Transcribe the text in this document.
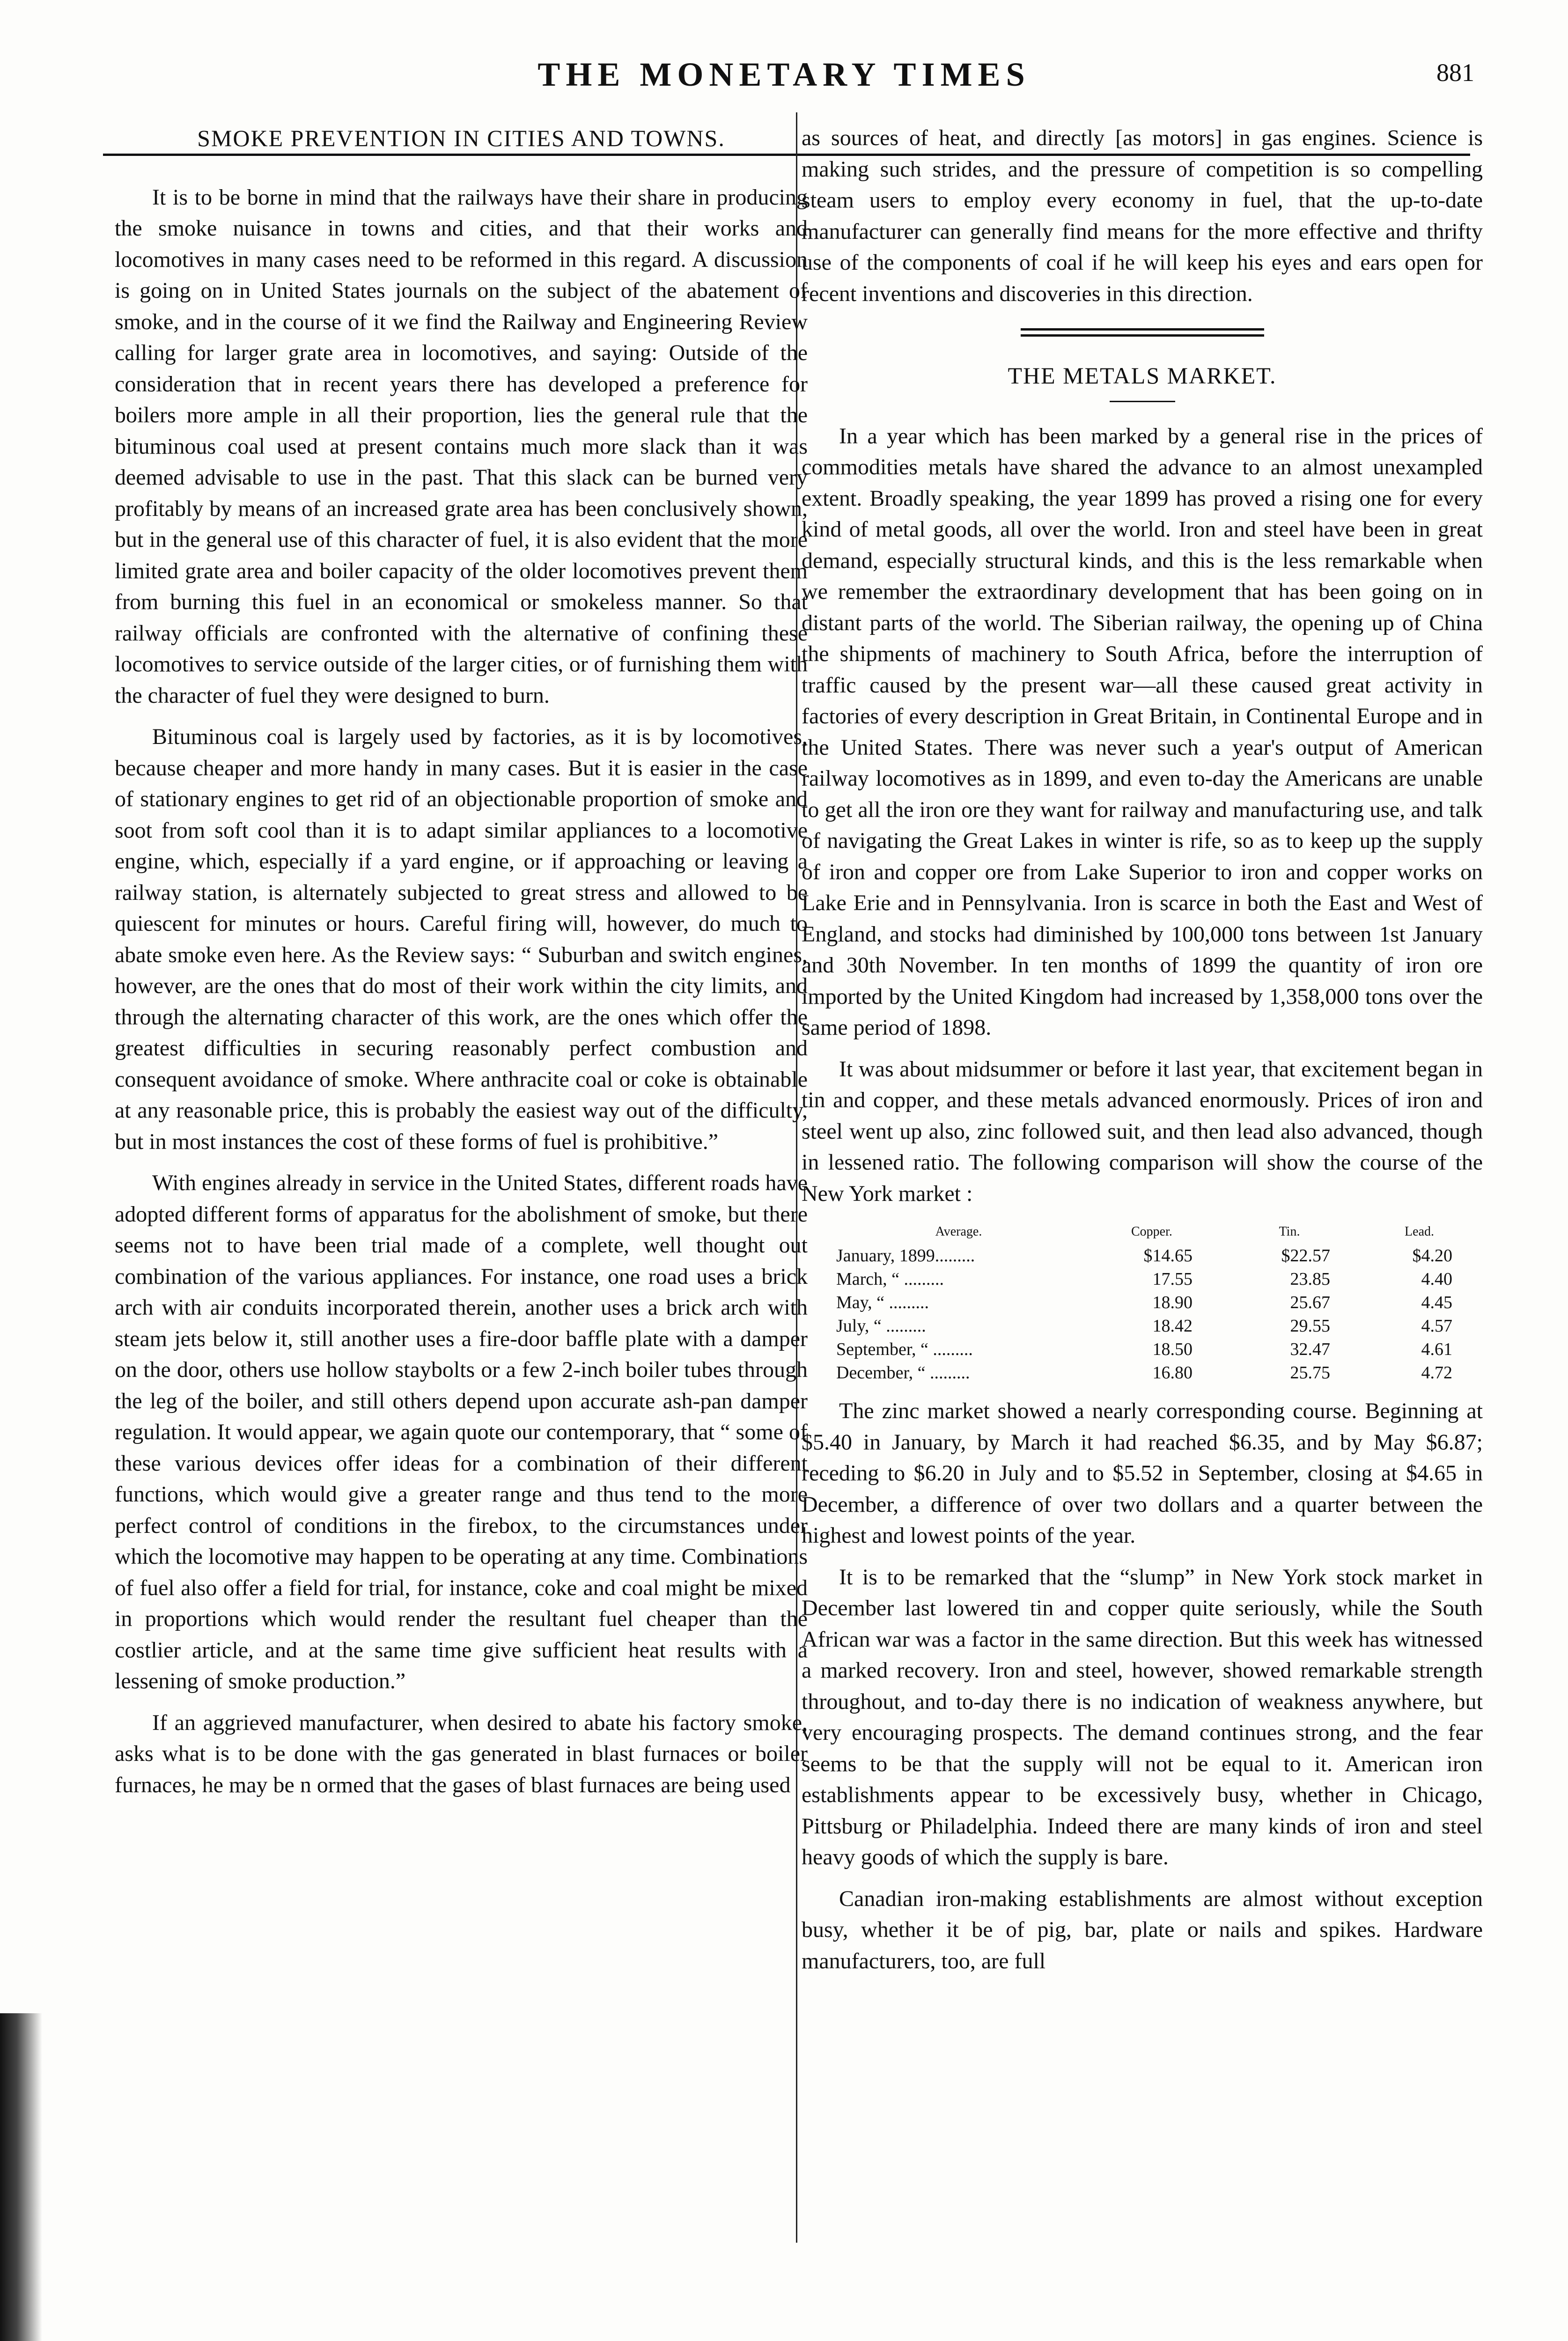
THE MONETARY TIMES	881
SMOKE PREVENTION IN CITIES AND TOWNS.

It is to be borne in mind that the railways have their share in producing the smoke nuisance in towns and cities, and that their works and locomotives in many cases need to be reformed in this regard. A discussion is going on in United States journals on the subject of the abatement of smoke, and in the course of it we find the Railway and Engineering Review calling for larger grate area in locomotives, and saying: Outside of the consideration that in recent years there has developed a preference for boilers more ample in all their proportion, lies the general rule that the bituminous coal used at present contains much more slack than it was deemed advisable to use in the past. That this slack can be burned very profitably by means of an increased grate area has been conclusively shown, but in the general use of this character of fuel, it is also evident that the more limited grate area and boiler capacity of the older locomotives prevent them from burning this fuel in an economical or smokeless manner. So that railway officials are confronted with the alternative of confining these locomotives to service outside of the larger cities, or of furnishing them with the character of fuel they were designed to burn.

Bituminous coal is largely used by factories, as it is by locomotives, because cheaper and more handy in many cases. But it is easier in the case of stationary engines to get rid of an objectionable proportion of smoke and soot from soft cool than it is to adapt similar appliances to a locomotive engine, which, especially if a yard engine, or if approaching or leaving a railway station, is alternately subjected to great stress and allowed to be quiescent for minutes or hours. Careful firing will, however, do much to abate smoke even here. As the Review says: “ Suburban and switch engines, however, are the ones that do most of their work within the city limits, and through the alternating character of this work, are the ones which offer the greatest difficulties in securing reasonably perfect combustion and consequent avoidance of smoke. Where anthracite coal or coke is obtainable at any reasonable price, this is probably the easiest way out of the difficulty, but in most instances the cost of these forms of fuel is prohibitive.”

With engines already in service in the United States, different roads have adopted different forms of apparatus for the abolishment of smoke, but there seems not to have been trial made of a complete, well thought out combination of the various appliances. For instance, one road uses a brick arch with air conduits incorporated therein, another uses a brick arch with steam jets below it, still another uses a fire-door baffle plate with a damper on the door, others use hollow staybolts or a few 2-inch boiler tubes through the leg of the boiler, and still others depend upon accurate ash-pan damper regulation. It would appear, we again quote our contemporary, that “ some of these various devices offer ideas for a combination of their different functions, which would give a greater range and thus tend to the more perfect control of conditions in the firebox, to the circumstances under which the locomotive may happen to be operating at any time. Combinations of fuel also offer a field for trial, for instance, coke and coal might be mixed in proportions which would render the resultant fuel cheaper than the costlier article, and at the same time give sufficient heat results with a lessening of smoke production.”

If an aggrieved manufacturer, when desired to abate his factory smoke, asks what is to be done with the gas generated in blast furnaces or boiler furnaces, he may be n ormed that the gases of blast furnaces are being used

as sources of heat, and directly [as motors] in gas engines. Science is making such strides, and the pressure of competition is so compelling steam users to employ every economy in fuel, that the up-to-date manufacturer can generally find means for the more effective and thrifty use of the components of coal if he will keep his eyes and ears open for recent inventions and discoveries in this direction.

THE METALS MARKET.

In a year which has been marked by a general rise in the prices of commodities metals have shared the advance to an almost unexampled extent. Broadly speaking, the year 1899 has proved a rising one for every kind of metal goods, all over the world. Iron and steel have been in great demand, especially structural kinds, and this is the less remarkable when we remember the extraordinary development that has been going on in distant parts of the world. The Siberian railway, the opening up of China the shipments of machinery to South Africa, before the interruption of traffic caused by the present war—all these caused great activity in factories of every description in Great Britain, in Continental Europe and in the United States. There was never such a year's output of American railway locomotives as in 1899, and even to-day the Americans are unable to get all the iron ore they want for railway and manufacturing use, and talk of navigating the Great Lakes in winter is rife, so as to keep up the supply of iron and copper ore from Lake Superior to iron and copper works on Lake Erie and in Pennsylvania. Iron is scarce in both the East and West of England, and stocks had diminished by 100,000 tons between 1st January and 30th November. In ten months of 1899 the quantity of iron ore imported by the United Kingdom had increased by 1,358,000 tons over the same period of 1898.

It was about midsummer or before it last year, that excitement began in tin and copper, and these metals advanced enormously. Prices of iron and steel went up also, zinc followed suit, and then lead also advanced, though in lessened ratio. The following comparison will show the course of the New York market :

Average.	Copper.	Tin.	Lead.
January, 1899.........	$14.65	$22.57	$4.20
March, “ .........	17.55	23.85	4.40
May, “ .........	18.90	25.67	4.45
July, “ .........	18.42	29.55	4.57
September, “ .........	18.50	32.47	4.61
December, “ .........	16.80	25.75	4.72

The zinc market showed a nearly corresponding course. Beginning at $5.40 in January, by March it had reached $6.35, and by May $6.87; receding to $6.20 in July and to $5.52 in September, closing at $4.65 in December, a difference of over two dollars and a quarter between the highest and lowest points of the year.

It is to be remarked that the “slump” in New York stock market in December last lowered tin and copper quite seriously, while the South African war was a factor in the same direction. But this week has witnessed a marked recovery. Iron and steel, however, showed remarkable strength throughout, and to-day there is no indication of weakness anywhere, but very encouraging prospects. The demand continues strong, and the fear seems to be that the supply will not be equal to it. American iron establishments appear to be excessively busy, whether in Chicago, Pittsburg or Philadelphia. Indeed there are many kinds of iron and steel heavy goods of which the supply is bare.

Canadian iron-making establishments are almost without exception busy, whether it be of pig, bar, plate or nails and spikes. Hardware manufacturers, too, are full
